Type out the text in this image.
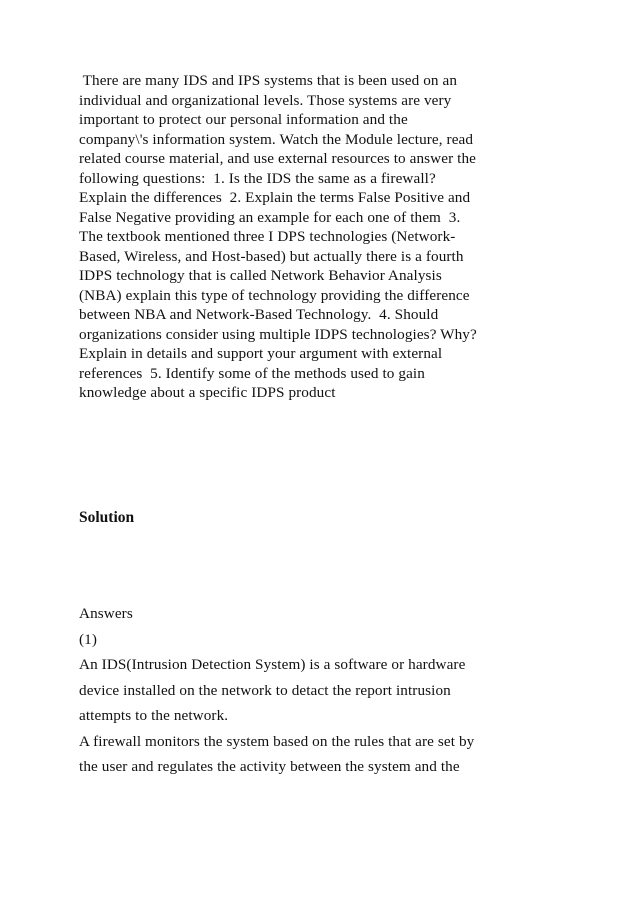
There are many IDS and IPS systems that is been used on an
individual and organizational levels. Those systems are very
important to protect our personal information and the
company\'s information system. Watch the Module lecture, read
related course material, and use external resources to answer the
following questions:  1. Is the IDS the same as a firewall?
Explain the differences  2. Explain the terms False Positive and
False Negative providing an example for each one of them  3.
The textbook mentioned three I DPS technologies (Network-
Based, Wireless, and Host-based) but actually there is a fourth
IDPS technology that is called Network Behavior Analysis
(NBA) explain this type of technology providing the difference
between NBA and Network-Based Technology.  4. Should
organizations consider using multiple IDPS technologies? Why?
Explain in details and support your argument with external
references  5. Identify some of the methods used to gain
knowledge about a specific IDPS product
Solution
Answers
(1)
An IDS(Intrusion Detection System) is a software or hardware
device installed on the network to detact the report intrusion
attempts to the network.
A firewall monitors the system based on the rules that are set by
the user and regulates the activity between the system and the
